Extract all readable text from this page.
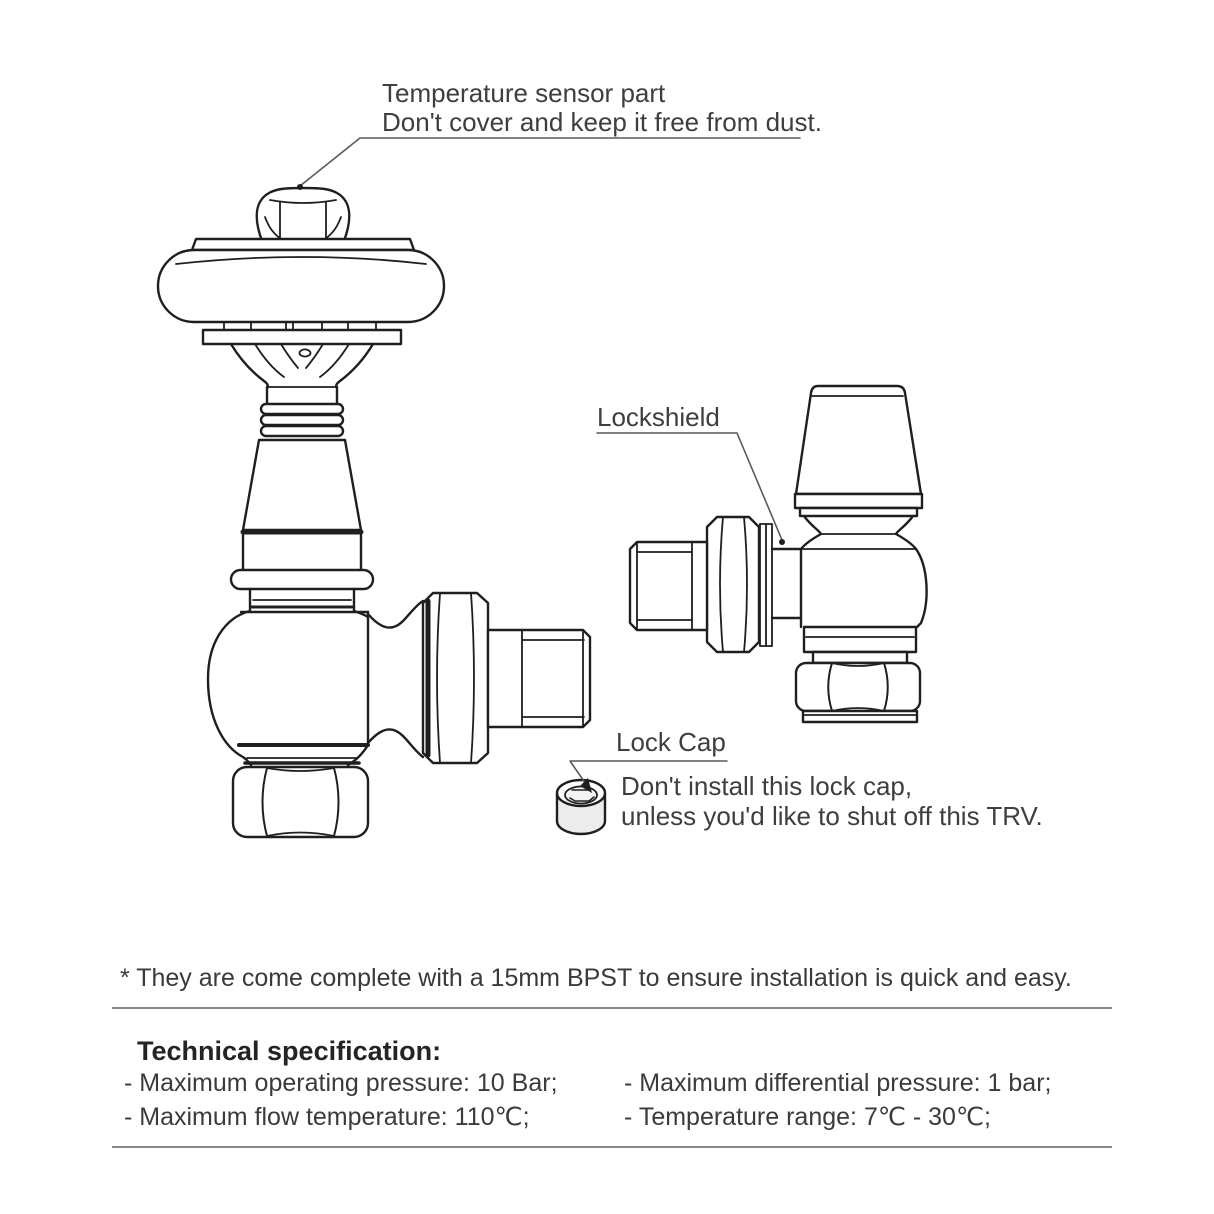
Temperature sensor part
Don't cover and keep it free from dust.
Lockshield
Lock Cap
Don't install this lock cap,
unless you'd like to shut off this TRV.
* They are come complete with a 15mm BPST to ensure installation is quick and easy.
Technical specification:
- Maximum operating pressure: 10 Bar;	- Maximum differential pressure: 1 bar;
- Maximum flow temperature: 110℃;	- Temperature range: 7℃ - 30℃;
